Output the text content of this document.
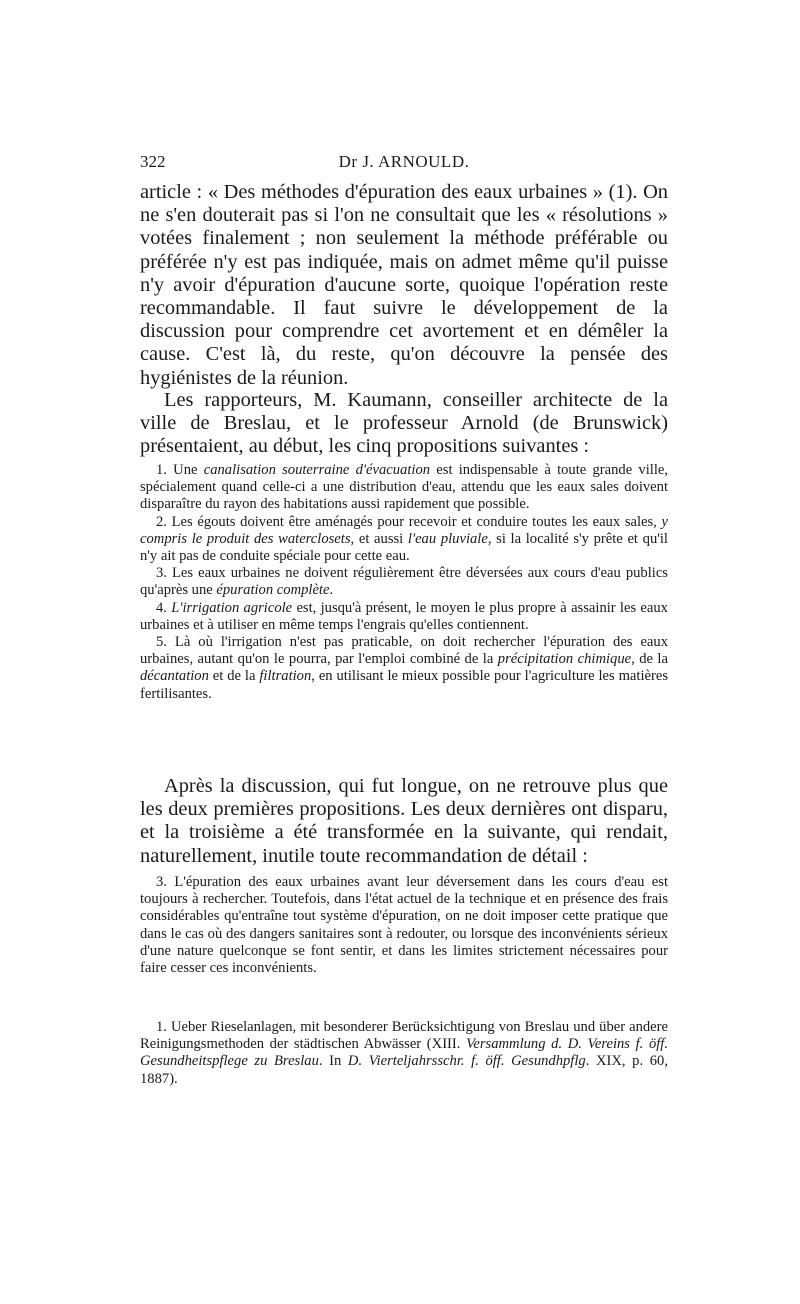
322	Dr J. ARNOULD.

article : « Des méthodes d'épuration des eaux urbaines » (1). On ne s'en douterait pas si l'on ne consultait que les « résolutions » votées finalement ; non seulement la méthode préférable ou préférée n'y est pas indiquée, mais on admet même qu'il puisse n'y avoir d'épuration d'aucune sorte, quoique l'opération reste recommandable. Il faut suivre le développement de la discussion pour comprendre cet avortement et en démêler la cause. C'est là, du reste, qu'on découvre la pensée des hygiénistes de la réunion.

Les rapporteurs, M. Kaumann, conseiller architecte de la ville de Breslau, et le professeur Arnold (de Brunswick) présentaient, au début, les cinq propositions suivantes :

1. Une canalisation souterraine d'évacuation est indispensable à toute grande ville, spécialement quand celle-ci a une distribution d'eau, attendu que les eaux sales doivent disparaître du rayon des habitations aussi rapidement que possible.

2. Les égouts doivent être aménagés pour recevoir et conduire toutes les eaux sales, y compris le produit des waterclosets, et aussi l'eau pluviale, si la localité s'y prête et qu'il n'y ait pas de conduite spéciale pour cette eau.

3. Les eaux urbaines ne doivent régulièrement être déversées aux cours d'eau publics qu'après une épuration complète.

4. L'irrigation agricole est, jusqu'à présent, le moyen le plus propre à assainir les eaux urbaines et à utiliser en même temps l'engrais qu'elles contiennent.

5. Là où l'irrigation n'est pas praticable, on doit rechercher l'épuration des eaux urbaines, autant qu'on le pourra, par l'emploi combiné de la précipitation chimique, de la décantation et de la filtration, en utilisant le mieux possible pour l'agriculture les matières fertilisantes.

Après la discussion, qui fut longue, on ne retrouve plus que les deux premières propositions. Les deux dernières ont disparu, et la troisième a été transformée en la suivante, qui rendait, naturellement, inutile toute recommandation de détail :

3. L'épuration des eaux urbaines avant leur déversement dans les cours d'eau est toujours à rechercher. Toutefois, dans l'état actuel de la technique et en présence des frais considérables qu'entraîne tout système d'épuration, on ne doit imposer cette pratique que dans le cas où des dangers sanitaires sont à redouter, ou lorsque des inconvénients sérieux d'une nature quelconque se font sentir, et dans les limites strictement nécessaires pour faire cesser ces inconvénients.

1. Ueber Rieselanlagen, mit besonderer Berücksichtigung von Breslau und über andere Reinigungsmethoden der städtischen Abwässer (XIII. Versammlung d. D. Vereins f. öff. Gesundheitspflege zu Breslau. In D. Vierteljahrsschr. f. öff. Gesundhpflg. XIX, p. 60, 1887).
